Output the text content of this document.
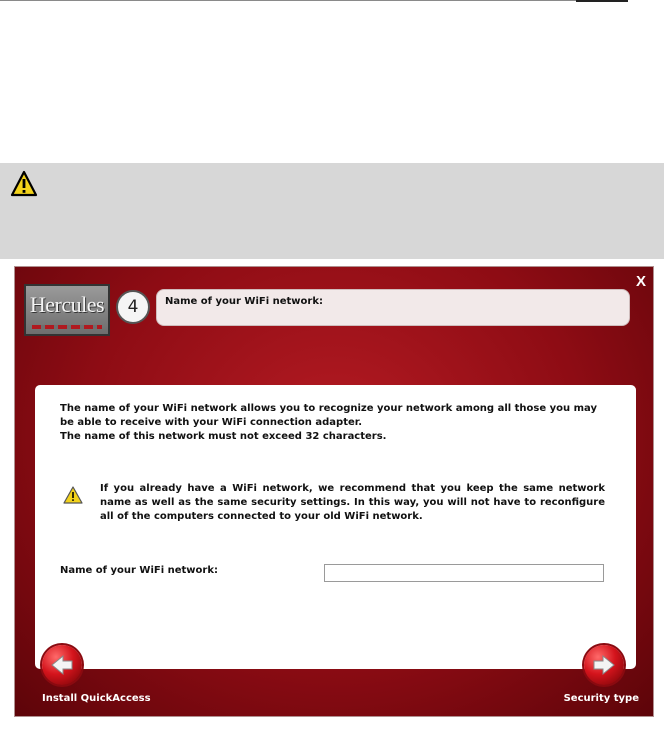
X
Hercules	4	Name of your WiFi network:

The name of your WiFi network allows you to recognize your network among all those you may be able to receive with your WiFi connection adapter.

The name of this network must not exceed 32 characters.

If you already have a WiFi network, we recommend that you keep the same network name as well as the same security settings. In this way, you will not have to reconfigure all of the computers connected to your old WiFi network.

Name of your WiFi network:
Install QuickAccess	Security type
